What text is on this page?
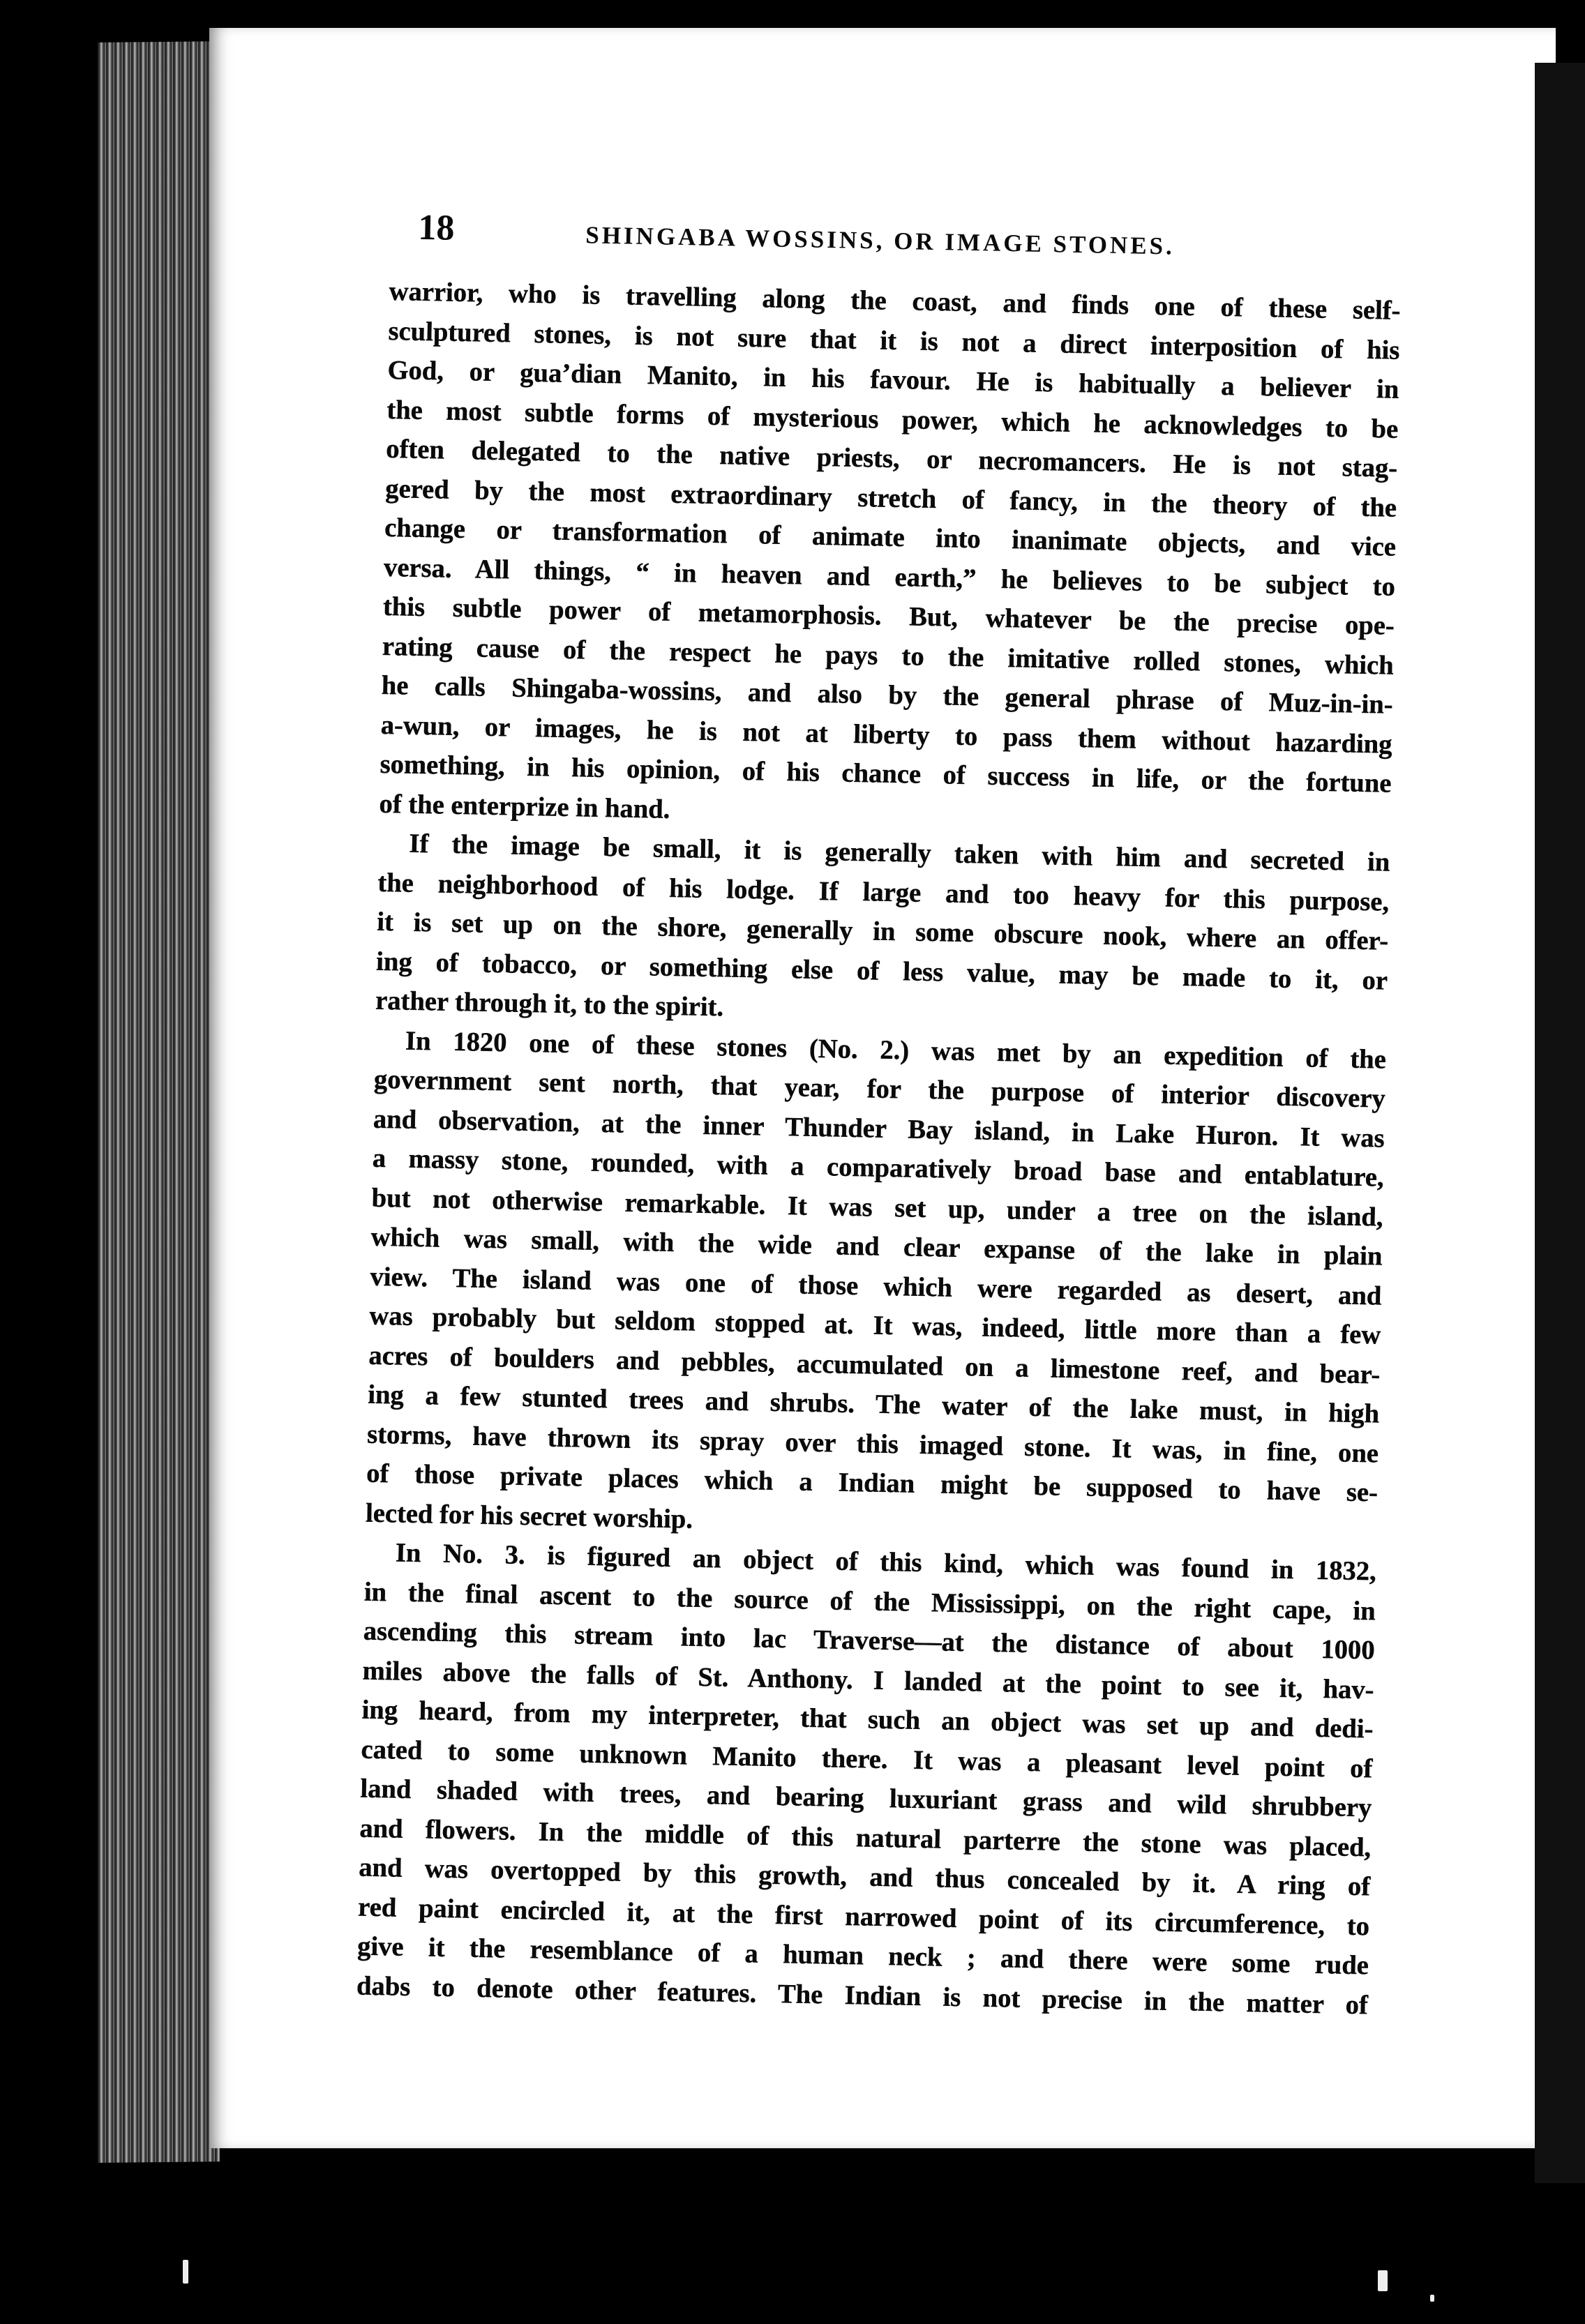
18	SHINGABA WOSSINS, OR IMAGE STONES.
warrior, who is travelling along the coast, and finds one of these self-
sculptured stones, is not sure that it is not a direct interposition of his
God, or gua’dian Manito, in his favour. He is habitually a believer in
the most subtle forms of mysterious power, which he acknowledges to be
often delegated to the native priests, or necromancers. He is not stag-
gered by the most extraordinary stretch of fancy, in the theory of the
change or transformation of animate into inanimate objects, and vice
versa. All things, “ in heaven and earth,” he believes to be subject to
this subtle power of metamorphosis. But, whatever be the precise ope-
rating cause of the respect he pays to the imitative rolled stones, which
he calls Shingaba-wossins, and also by the general phrase of Muz-in-in-
a-wun, or images, he is not at liberty to pass them without hazarding
something, in his opinion, of his chance of success in life, or the fortune
of the enterprize in hand.
If the image be small, it is generally taken with him and secreted in
the neighborhood of his lodge. If large and too heavy for this purpose,
it is set up on the shore, generally in some obscure nook, where an offer-
ing of tobacco, or something else of less value, may be made to it, or
rather through it, to the spirit.
In 1820 one of these stones (No. 2.) was met by an expedition of the
government sent north, that year, for the purpose of interior discovery
and observation, at the inner Thunder Bay island, in Lake Huron. It was
a massy stone, rounded, with a comparatively broad base and entablature,
but not otherwise remarkable. It was set up, under a tree on the island,
which was small, with the wide and clear expanse of the lake in plain
view. The island was one of those which were regarded as desert, and
was probably but seldom stopped at. It was, indeed, little more than a few
acres of boulders and pebbles, accumulated on a limestone reef, and bear-
ing a few stunted trees and shrubs. The water of the lake must, in high
storms, have thrown its spray over this imaged stone. It was, in fine, one
of those private places which a Indian might be supposed to have se-
lected for his secret worship.
In No. 3. is figured an object of this kind, which was found in 1832,
in the final ascent to the source of the Mississippi, on the right cape, in
ascending this stream into lac Traverse—at the distance of about 1000
miles above the falls of St. Anthony. I landed at the point to see it, hav-
ing heard, from my interpreter, that such an object was set up and dedi-
cated to some unknown Manito there. It was a pleasant level point of
land shaded with trees, and bearing luxuriant grass and wild shrubbery
and flowers. In the middle of this natural parterre the stone was placed,
and was overtopped by this growth, and thus concealed by it. A ring of
red paint encircled it, at the first narrowed point of its circumference, to
give it the resemblance of a human neck ; and there were some rude
dabs to denote other features. The Indian is not precise in the matter of
